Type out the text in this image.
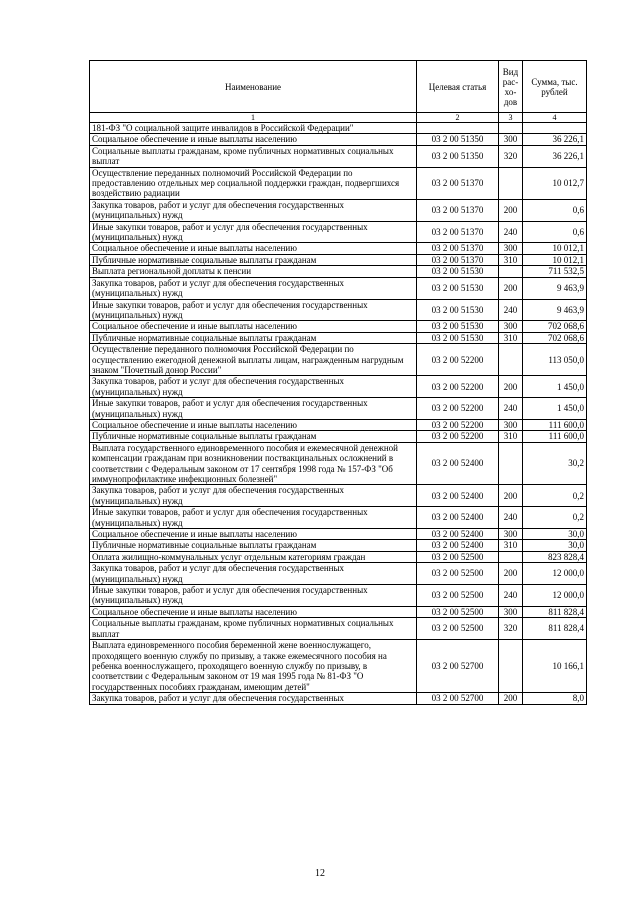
Наименование	Целевая статья	Вид рас-хо-дов	Сумма, тыс. рублей
1	2	3	4
181-ФЗ "О социальной защите инвалидов в Российской Федерации"			
Социальное обеспечение и иные выплаты населению	03 2 00 51350	300	36 226,1
Социальные выплаты гражданам, кроме публичных нормативных социальных выплат	03 2 00 51350	320	36 226,1
Осуществление переданных полномочий Российской Федерации по предоставлению отдельных мер социальной поддержки граждан, подвергшихся воздействию радиации	03 2 00 51370		10 012,7
Закупка товаров, работ и услуг для обеспечения государственных (муниципальных) нужд	03 2 00 51370	200	0,6
Иные закупки товаров, работ и услуг для обеспечения государственных (муниципальных) нужд	03 2 00 51370	240	0,6
Социальное обеспечение и иные выплаты населению	03 2 00 51370	300	10 012,1
Публичные нормативные социальные выплаты гражданам	03 2 00 51370	310	10 012,1
Выплата региональной доплаты к пенсии	03 2 00 51530		711 532,5
Закупка товаров, работ и услуг для обеспечения государственных (муниципальных) нужд	03 2 00 51530	200	9 463,9
Иные закупки товаров, работ и услуг для обеспечения государственных (муниципальных) нужд	03 2 00 51530	240	9 463,9
Социальное обеспечение и иные выплаты населению	03 2 00 51530	300	702 068,6
Публичные нормативные социальные выплаты гражданам	03 2 00 51530	310	702 068,6
Осуществление переданного полномочия Российской Федерации по осуществлению ежегодной денежной выплаты лицам, награжденным нагрудным знаком "Почетный донор России"	03 2 00 52200		113 050,0
Закупка товаров, работ и услуг для обеспечения государственных (муниципальных) нужд	03 2 00 52200	200	1 450,0
Иные закупки товаров, работ и услуг для обеспечения государственных (муниципальных) нужд	03 2 00 52200	240	1 450,0
Социальное обеспечение и иные выплаты населению	03 2 00 52200	300	111 600,0
Публичные нормативные социальные выплаты гражданам	03 2 00 52200	310	111 600,0
Выплата государственного единовременного пособия и ежемесячной денежной компенсации гражданам при возникновении поствакцинальных осложнений в соответствии с Федеральным законом от 17 сентября 1998 года № 157-ФЗ "Об иммунопрофилактике инфекционных болезней"	03 2 00 52400		30,2
Закупка товаров, работ и услуг для обеспечения государственных (муниципальных) нужд	03 2 00 52400	200	0,2
Иные закупки товаров, работ и услуг для обеспечения государственных (муниципальных) нужд	03 2 00 52400	240	0,2
Социальное обеспечение и иные выплаты населению	03 2 00 52400	300	30,0
Публичные нормативные социальные выплаты гражданам	03 2 00 52400	310	30,0
Оплата жилищно-коммунальных услуг отдельным категориям граждан	03 2 00 52500		823 828,4
Закупка товаров, работ и услуг для обеспечения государственных (муниципальных) нужд	03 2 00 52500	200	12 000,0
Иные закупки товаров, работ и услуг для обеспечения государственных (муниципальных) нужд	03 2 00 52500	240	12 000,0
Социальное обеспечение и иные выплаты населению	03 2 00 52500	300	811 828,4
Социальные выплаты гражданам, кроме публичных нормативных социальных выплат	03 2 00 52500	320	811 828,4
Выплата единовременного пособия беременной жене военнослужащего, проходящего военную службу по призыву, а также ежемесячного пособия на ребенка военнослужащего, проходящего военную службу по призыву, в соответствии с Федеральным законом от 19 мая 1995 года № 81-ФЗ "О государственных пособиях гражданам, имеющим детей"	03 2 00 52700		10 166,1
Закупка товаров, работ и услуг для обеспечения государственных	03 2 00 52700	200	8,0
12
